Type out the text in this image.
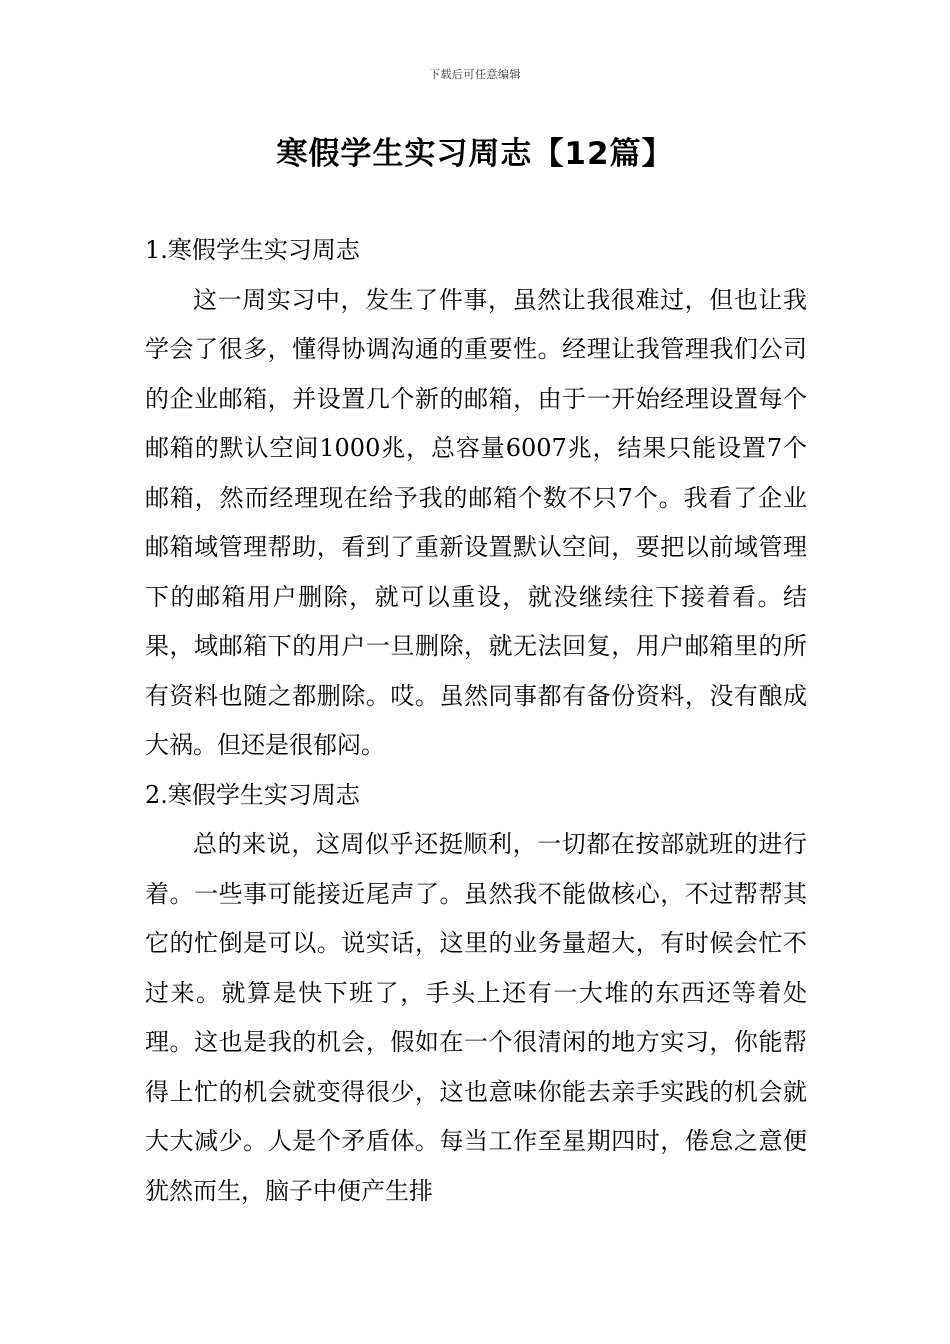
下载后可任意编辑
寒假学生实习周志【12篇】
1.寒假学生实习周志

这一周实习中，发生了件事，虽然让我很难过，但也让我学会了很多，懂得协调沟通的重要性。经理让我管理我们公司的企业邮箱，并设置几个新的邮箱，由于一开始经理设置每个邮箱的默认空间1000兆，总容量6007兆，结果只能设置7个邮箱，然而经理现在给予我的邮箱个数不只7个。我看了企业邮箱域管理帮助，看到了重新设置默认空间，要把以前域管理下的邮箱用户删除，就可以重设，就没继续往下接着看。结果，域邮箱下的用户一旦删除，就无法回复，用户邮箱里的所有资料也随之都删除。哎。虽然同事都有备份资料，没有酿成大祸。但还是很郁闷。

2.寒假学生实习周志

总的来说，这周似乎还挺顺利，一切都在按部就班的进行着。一些事可能接近尾声了。虽然我不能做核心，不过帮帮其它的忙倒是可以。说实话，这里的业务量超大，有时候会忙不过来。就算是快下班了，手头上还有一大堆的东西还等着处理。这也是我的机会，假如在一个很清闲的地方实习，你能帮得上忙的机会就变得很少，这也意味你能去亲手实践的机会就大大减少。人是个矛盾体。每当工作至星期四时，倦怠之意便犹然而生，脑子中便产生排
